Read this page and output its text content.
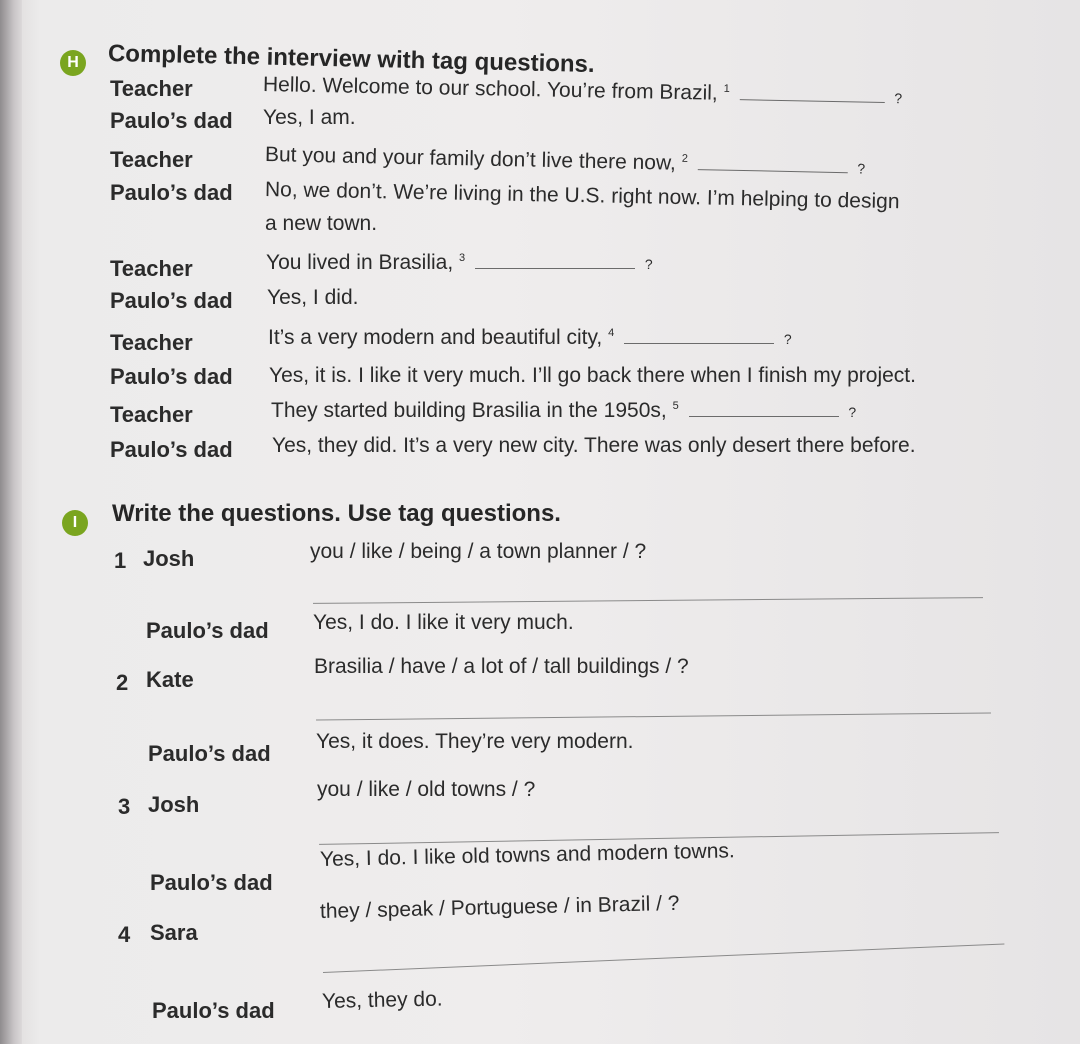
H	Complete the interview with tag questions.
Teacher	Hello. Welcome to our school. You’re from Brazil, $^1$  ?
Paulo’s dad Yes, I am.
Teacher	But you and your family don’t live there now, $^2$  ?
Paulo’s dad No, we don’t. We’re living in the U.S. right now. I’m helping to design
a new town.
Teacher	You lived in Brasilia, $^3$	?
Paulo’s dad Yes, I did.
Teacher	It’s a very modern and beautiful city, $^4$	?
Paulo’s dad Yes, it is. I like it very much. I’ll go back there when I finish my project.
Teacher	They started building Brasilia in the 1950s, $^5$	?
Paulo’s dad Yes, they did. It’s a very new city. There was only desert there before.
I	Write the questions. Use tag questions.
1 Josh	you / like / being / a town planner / ?
Paulo’s dad Yes, I do. I like it very much.
2 Kate
Brasilia / have / a lot of / tall buildings / ?
Paulo’s dad Yes, it does. They’re very modern.
3 Josh
you / like / old towns / ?
Paulo’s dad
Yes, I do. I like old towns and modern towns.
4 Sara
they / speak / Portuguese / in Brazil / ?
Paulo’s dad Yes, they do.
